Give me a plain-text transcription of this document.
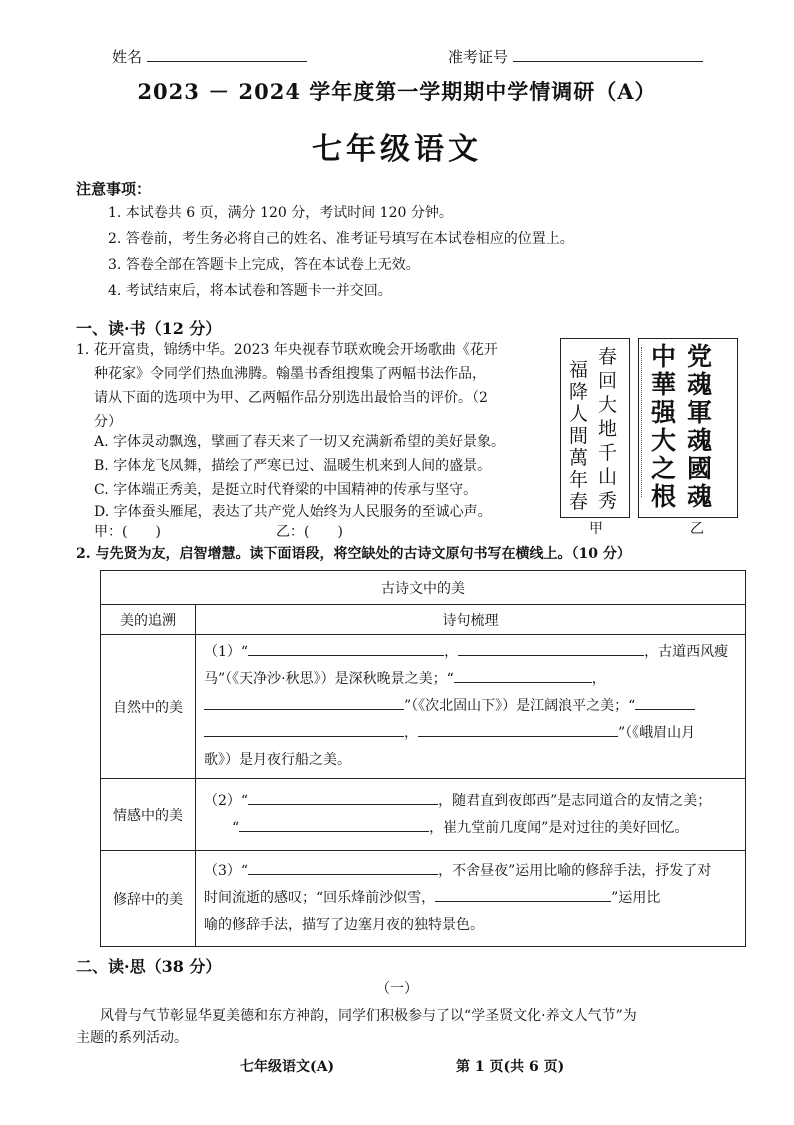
姓名	准考证号
2023 － 2024 学年度第一学期期中学情调研（A）
七年级语文
注意事项：
1. 本试卷共 6 页，满分 120 分，考试时间 120 分钟。
2. 答卷前，考生务必将自己的姓名、准考证号填写在本试卷相应的位置上。
3. 答卷全部在答题卡上完成，答在本试卷上无效。
4. 考试结束后，将本试卷和答题卡一并交回。
一、读·书（12 分）
1. 花开富贵，锦绣中华。2023 年央视春节联欢晚会开场歌曲《花开
种花家》令同学们热血沸腾。翰墨书香组搜集了两幅书法作品，
请从下面的选项中为甲、乙两幅作品分别选出最恰当的评价。（2
分）
A. 字体灵动飘逸，擘画了春天来了一切又充满新希望的美好景象。
B. 字体龙飞凤舞，描绘了严寒已过、温暖生机来到人间的盛景。
C. 字体端正秀美，是挺立时代脊梁的中国精神的传承与坚守。
D. 字体蚕头雁尾，表达了共产党人始终为人民服务的至诚心声。
甲：(　　)	乙：(　　)
春
回
大
地
千
山
秀
福
降
人
間
萬
年
春
甲
党
魂
軍
魂
國
魂
中
華
强
大
之
根
乙
2. 与先贤为友，启智增慧。读下面语段，将空缺处的古诗文原句书写在横线上。（10 分）
古诗文中的美	
美的追溯	诗句梳理
自然中的美	（1）“ ， ，古道西风瘦
马”（《天净沙·秋思》）是深秋晚景之美；“ ，
”（《次北固山下》）是江阔浪平之美；“
， ”（《峨眉山月
歌》）是月夜行船之美。

情感中的美	（2）“ ，随君直到夜郎西”是志同道合的友情之美；
“ ，崔九堂前几度闻”是对过往的美好回忆。

修辞中的美	（3）“ ，不舍昼夜”运用比喻的修辞手法，抒发了对
时间流逝的感叹；“回乐烽前沙似雪， ”运用比
喻的修辞手法，描写了边塞月夜的独特景色。
二、读·思（38 分）
（一）
风骨与气节彰显华夏美德和东方神韵，同学们积极参与了以“学圣贤文化·养文人气节”为
主题的系列活动。
七年级语文(A)	第 1 页(共 6 页)
